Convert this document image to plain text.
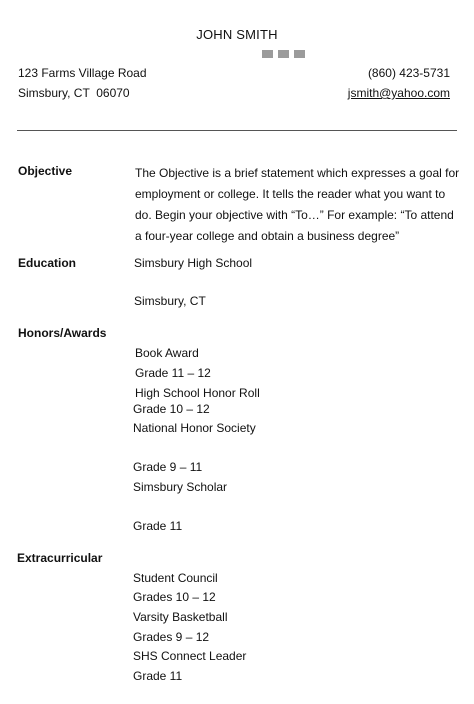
JOHN SMITH
123 Farms Village Road
Simsbury, CT  06070
(860) 423-5731
jsmith@yahoo.com
Objective	The Objective is a brief statement which expresses a goal for employment or college. It tells the reader what you want to do. Begin your objective with “To…” For example: “To attend a four-year college and obtain a business degree”
Education	Simsbury High School
Simsbury, CT
Honors/Awards
Book Award
Grade 11 – 12
High School Honor Roll
Grade 10 – 12
National Honor Society
Grade 9 – 11
Simsbury Scholar
Grade 11
Extracurricular
Student Council
Grades 10 – 12
Varsity Basketball
Grades 9 – 12
SHS Connect Leader
Grade 11
